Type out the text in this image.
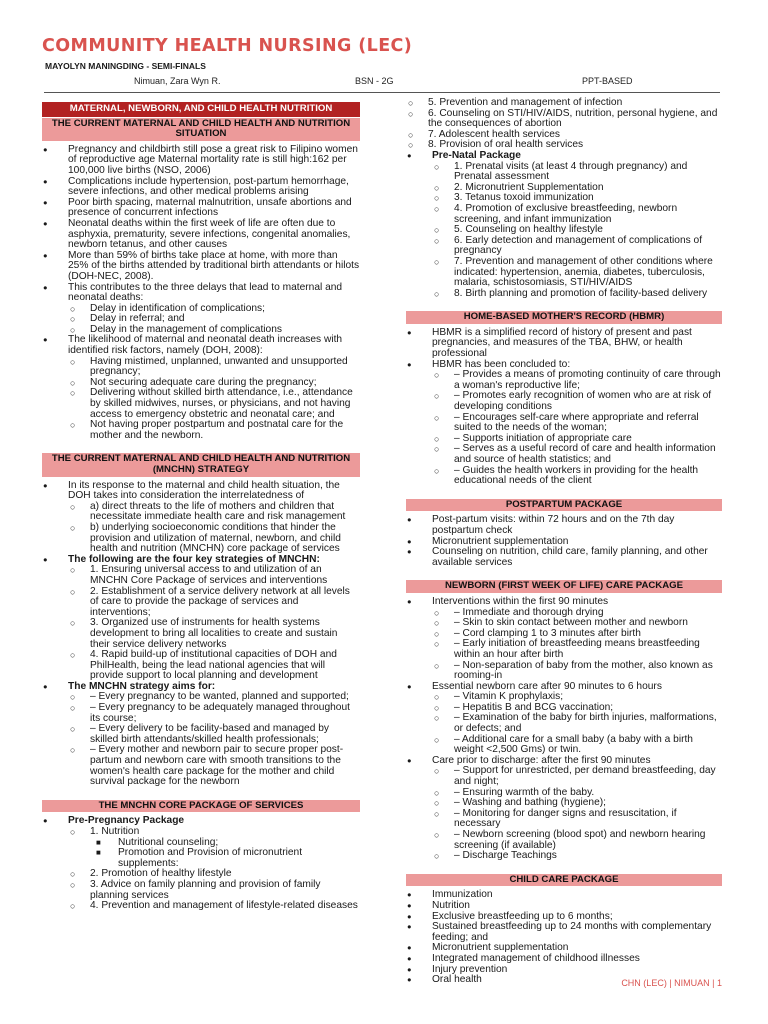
COMMUNITY HEALTH NURSING (LEC)
MAYOLYN MANINGDING - SEMI-FINALS
Nimuan, Zara Wyn R.	BSN - 2G	PPT-BASED
MATERNAL, NEWBORN, AND CHILD HEALTH NUTRITION
THE CURRENT MATERNAL AND CHILD HEALTH AND NUTRITION SITUATION
● Pregnancy and childbirth still pose a great risk to Filipino women of reproductive age Maternal mortality rate is still high:162 per 100,000 live births (NSO, 2006)
● Complications include hypertension, post-partum hemorrhage, severe infections, and other medical problems arising
● Poor birth spacing, maternal malnutrition, unsafe abortions and presence of concurrent infections
● Neonatal deaths within the first week of life are often due to asphyxia, prematurity, severe infections, congenital anomalies, newborn tetanus, and other causes
● More than 59% of births take place at home, with more than 25% of the births attended by traditional birth attendants or hilots (DOH-NEC, 2008).
● This contributes to the three delays that lead to maternal and neonatal deaths:
○ Delay in identification of complications;
○ Delay in referral; and
○ Delay in the management of complications
● The likelihood of maternal and neonatal death increases with identified risk factors, namely (DOH, 2008):
○ Having mistimed, unplanned, unwanted and unsupported pregnancy;
○ Not securing adequate care during the pregnancy;
○ Delivering without skilled birth attendance, i.e., attendance by skilled midwives, nurses, or physicians, and not having access to emergency obstetric and neonatal care; and
○ Not having proper postpartum and postnatal care for the mother and the newborn.
THE CURRENT MATERNAL AND CHILD HEALTH AND NUTRITION (MNCHN) STRATEGY
● In its response to the maternal and child health situation, the DOH takes into consideration the interrelatedness of
○ a) direct threats to the life of mothers and children that necessitate immediate health care and risk management
○ b) underlying socioeconomic conditions that hinder the provision and utilization of maternal, newborn, and child health and nutrition (MNCHN) core package of services
● The following are the four key strategies of MNCHN:
○ 1. Ensuring universal access to and utilization of an MNCHN Core Package of services and interventions
○ 2. Establishment of a service delivery network at all levels of care to provide the package of services and interventions;
○ 3. Organized use of instruments for health systems development to bring all localities to create and sustain their service delivery networks
○ 4. Rapid build-up of institutional capacities of DOH and PhilHealth, being the lead national agencies that will provide support to local planning and development
● The MNCHN strategy aims for:
○ – Every pregnancy to be wanted, planned and supported;
○ – Every pregnancy to be adequately managed throughout its course;
○ – Every delivery to be facility-based and managed by skilled birth attendants/skilled health professionals;
○ – Every mother and newborn pair to secure proper post-partum and newborn care with smooth transitions to the women's health care package for the mother and child survival package for the newborn
THE MNCHN CORE PACKAGE OF SERVICES
● Pre-Pregnancy Package
○ 1. Nutrition
■ Nutritional counseling;
■ Promotion and Provision of micronutrient supplements:
○ 2. Promotion of healthy lifestyle
○ 3. Advice on family planning and provision of family planning services
○ 4. Prevention and management of lifestyle-related diseases
○ 5. Prevention and management of infection
○ 6. Counseling on STI/HIV/AIDS, nutrition, personal hygiene, and the consequences of abortion
○ 7. Adolescent health services
○ 8. Provision of oral health services
● Pre-Natal Package
○ 1. Prenatal visits (at least 4 through pregnancy) and Prenatal assessment
○ 2. Micronutrient Supplementation
○ 3. Tetanus toxoid immunization
○ 4. Promotion of exclusive breastfeeding, newborn screening, and infant immunization
○ 5. Counseling on healthy lifestyle
○ 6. Early detection and management of complications of pregnancy
○ 7. Prevention and management of other conditions where indicated: hypertension, anemia, diabetes, tuberculosis, malaria, schistosomiasis, STI/HIV/AIDS
○ 8. Birth planning and promotion of facility-based delivery
HOME-BASED MOTHER'S RECORD (HBMR)
● HBMR is a simplified record of history of present and past pregnancies, and measures of the TBA, BHW, or health professional
● HBMR has been concluded to:
○ – Provides a means of promoting continuity of care through a woman's reproductive life;
○ – Promotes early recognition of women who are at risk of developing conditions
○ – Encourages self-care where appropriate and referral suited to the needs of the woman;
○ – Supports initiation of appropriate care
○ – Serves as a useful record of care and health information and source of health statistics; and
○ – Guides the health workers in providing for the health educational needs of the client
POSTPARTUM PACKAGE
● Post-partum visits: within 72 hours and on the 7th day postpartum check
● Micronutrient supplementation
● Counseling on nutrition, child care, family planning, and other available services
NEWBORN (FIRST WEEK OF LIFE) CARE PACKAGE
● Interventions within the first 90 minutes
○ – Immediate and thorough drying
○ – Skin to skin contact between mother and newborn
○ – Cord clamping 1 to 3 minutes after birth
○ – Early initiation of breastfeeding means breastfeeding within an hour after birth
○ – Non-separation of baby from the mother, also known as rooming-in
● Essential newborn care after 90 minutes to 6 hours
○ – Vitamin K prophylaxis;
○ – Hepatitis B and BCG vaccination;
○ – Examination of the baby for birth injuries, malformations, or defects; and
○ – Additional care for a small baby (a baby with a birth weight <2,500 Gms) or twin.
● Care prior to discharge: after the first 90 minutes
○ – Support for unrestricted, per demand breastfeeding, day and night;
○ – Ensuring warmth of the baby.
○ – Washing and bathing (hygiene);
○ – Monitoring for danger signs and resuscitation, if necessary
○ – Newborn screening (blood spot) and newborn hearing screening (if available)
○ – Discharge Teachings
CHILD CARE PACKAGE
● Immunization
● Nutrition
● Exclusive breastfeeding up to 6 months;
● Sustained breastfeeding up to 24 months with complementary feeding; and
● Micronutrient supplementation
● Integrated management of childhood illnesses
● Injury prevention
● Oral health	CHN (LEC) | NIMUAN | 1
